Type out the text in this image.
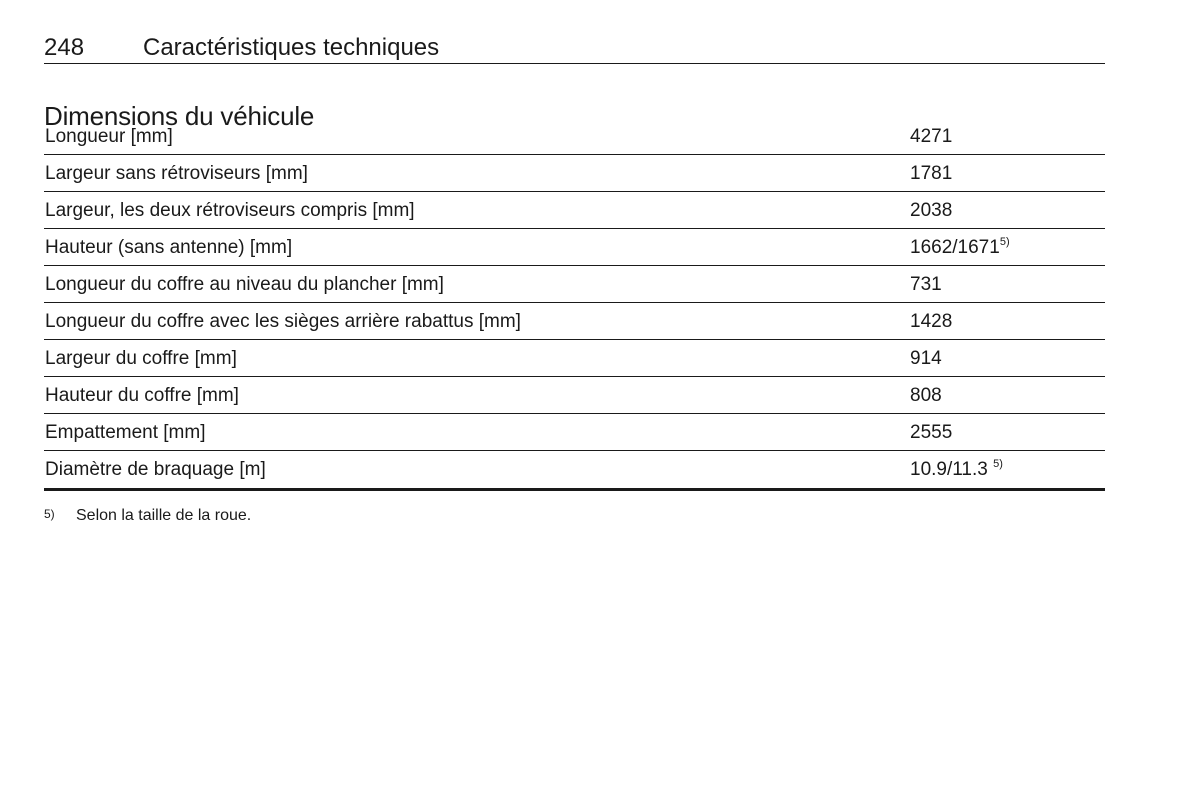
248 Caractéristiques techniques
Dimensions du véhicule
Longueur [mm]	4271
Largeur sans rétroviseurs [mm]	1781
Largeur, les deux rétroviseurs compris [mm]	2038
Hauteur (sans antenne) [mm]	1662/1671$^{5)}$
Longueur du coffre au niveau du plancher [mm]	731
Longueur du coffre avec les sièges arrière rabattus [mm]	1428
Largeur du coffre [mm]	914
Hauteur du coffre [mm]	808
Empattement [mm]	2555
Diamètre de braquage [m]	10.9/11.3 $^{5)}$
5) Selon la taille de la roue.
